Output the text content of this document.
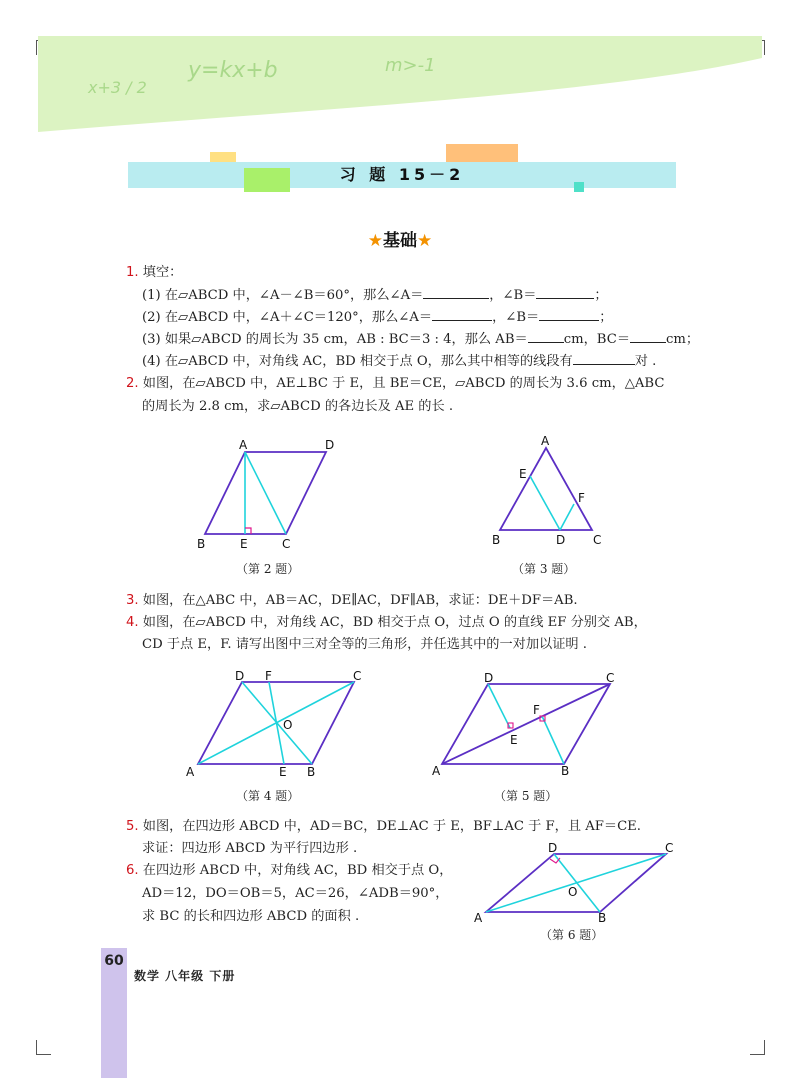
x+3 / 2
y=kx+b	m>-1
习 题 15－2
★基础★
1. 填空：
(1) 在▱ABCD 中，∠A－∠B＝60°，那么∠A＝	，∠B＝	；
(2) 在▱ABCD 中，∠A＋∠C＝120°，那么∠A＝	，∠B＝	；
(3) 如果▱ABCD 的周长为 35 cm，AB : BC＝3 : 4，那么 AB＝	cm，BC＝	cm；
(4) 在▱ABCD 中，对角线 AC，BD 相交于点 O，那么其中相等的线段有	对 .
2. 如图，在▱ABCD 中，AE⊥BC 于 E，且 BE＝CE，▱ABCD 的周长为 3.6 cm，△ABC
的周长为 2.8 cm，求▱ABCD 的各边长及 AE 的长 .
A	D
B	E	C
（第 2 题）
A
E
F
B	D C
（第 3 题）
3. 如图，在△ABC 中，AB＝AC，DE∥AC，DF∥AB，求证：DE＋DF＝AB.
4. 如图，在▱ABCD 中，对角线 AC，BD 相交于点 O，过点 O 的直线 EF 分别交 AB，
CD 于点 E，F. 请写出图中三对全等的三角形，并任选其中的一对加以证明 .
D F	C
O
A	E B
（第 4 题）
D	C
F
E
A	B
（第 5 题）
5. 如图，在四边形 ABCD 中，AD＝BC，DE⊥AC 于 E，BF⊥AC 于 F，且 AF＝CE.
求证：四边形 ABCD 为平行四边形 .
6. 在四边形 ABCD 中，对角线 AC，BD 相交于点 O，
AD＝12，DO＝OB＝5，AC＝26，∠ADB＝90°，
求 BC 的长和四边形 ABCD 的面积 .
D	C
O
A	B
（第 6 题）
60
数学 八年级 下册
